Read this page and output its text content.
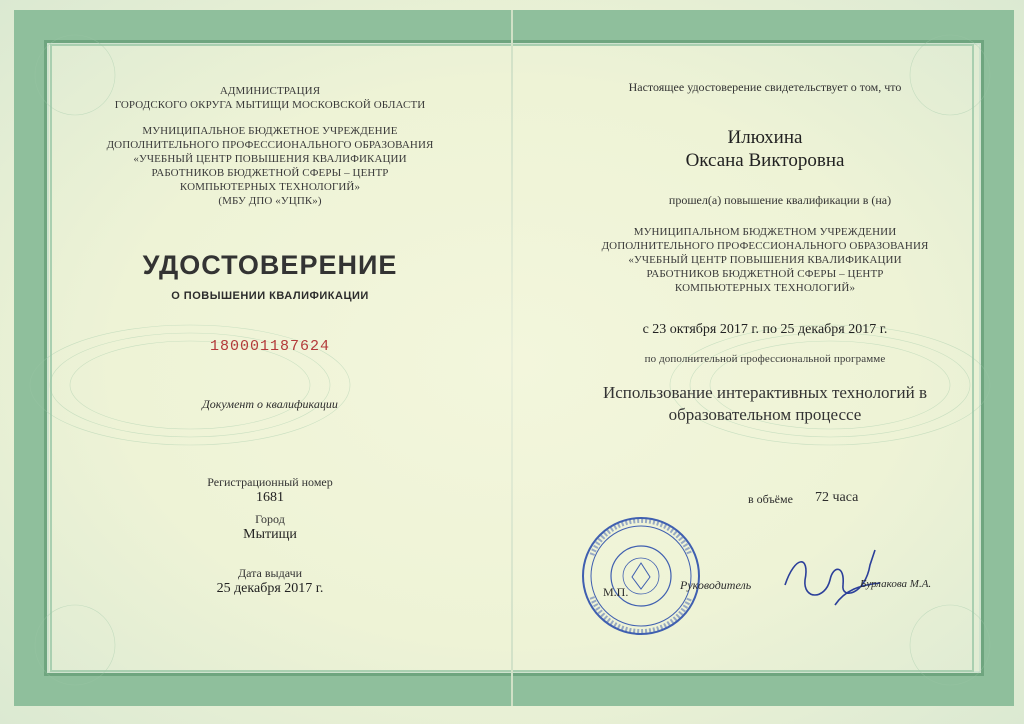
АДМИНИСТРАЦИЯ
ГОРОДСКОГО ОКРУГА МЫТИЩИ МОСКОВСКОЙ ОБЛАСТИ
МУНИЦИПАЛЬНОЕ БЮДЖЕТНОЕ УЧРЕЖДЕНИЕ
ДОПОЛНИТЕЛЬНОГО ПРОФЕССИОНАЛЬНОГО ОБРАЗОВАНИЯ
«УЧЕБНЫЙ ЦЕНТР ПОВЫШЕНИЯ КВАЛИФИКАЦИИ
РАБОТНИКОВ БЮДЖЕТНОЙ СФЕРЫ – ЦЕНТР
КОМПЬЮТЕРНЫХ ТЕХНОЛОГИЙ»
(МБУ ДПО «УЦПК»)
УДОСТОВЕРЕНИЕ
О ПОВЫШЕНИИ КВАЛИФИКАЦИИ
180001187624
Документ о квалификации
Регистрационный номер
1681
Город
Мытищи
Дата выдачи
25 декабря 2017 г.
Настоящее удостоверение свидетельствует о том, что
Илюхина
Оксана Викторовна
прошел(а) повышение квалификации в (на)
МУНИЦИПАЛЬНОМ БЮДЖЕТНОМ УЧРЕЖДЕНИИ
ДОПОЛНИТЕЛЬНОГО ПРОФЕССИОНАЛЬНОГО ОБРАЗОВАНИЯ
«УЧЕБНЫЙ ЦЕНТР ПОВЫШЕНИЯ КВАЛИФИКАЦИИ
РАБОТНИКОВ БЮДЖЕТНОЙ СФЕРЫ – ЦЕНТР
КОМПЬЮТЕРНЫХ ТЕХНОЛОГИЙ»
с 23 октября 2017 г. по 25 декабря 2017 г.
по дополнительной профессиональной программе
Использование интерактивных технологий в
образовательном процессе
в объёме 72 часа
М.П.	Руководитель	Бурлакова М.А.
